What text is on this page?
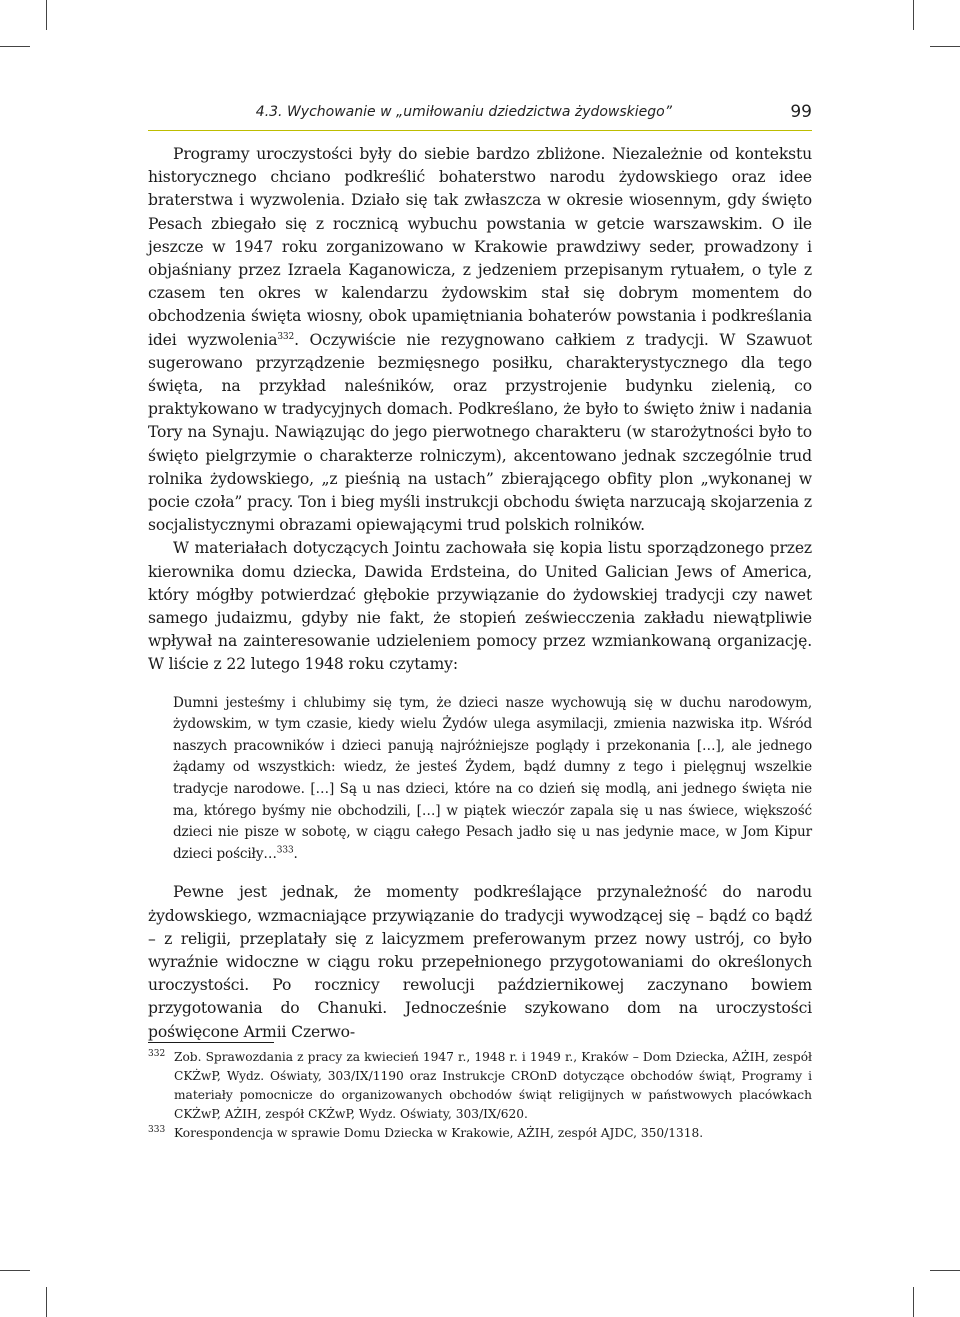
4.3. Wychowanie w „umiłowaniu dziedzictwa żydowskiego”	99

Programy uroczystości były do siebie bardzo zbliżone. Niezależnie od kontekstu historycznego chciano podkreślić bohaterstwo narodu żydowskiego oraz idee braterstwa i wyzwolenia. Działo się tak zwłaszcza w okresie wiosennym, gdy święto Pesach zbiegało się z rocznicą wybuchu powstania w getcie warszawskim. O ile jeszcze w 1947 roku zorganizowano w Krakowie prawdziwy seder, prowadzony i objaśniany przez Izraela Kaganowicza, z jedzeniem przepisanym rytuałem, o tyle z czasem ten okres w kalendarzu żydowskim stał się dobrym momentem do obchodzenia święta wiosny, obok upamiętniania bohaterów powstania i podkreślania idei wyzwolenia$^{332}$. Oczywiście nie rezygnowano całkiem z tradycji. W Szawuot sugerowano przyrządzenie bezmięsnego posiłku, charakterystycznego dla tego święta, na przykład naleśników, oraz przystrojenie budynku zielenią, co praktykowano w tradycyjnych domach. Podkreślano, że było to święto żniw i nadania Tory na Synaju. Nawiązując do jego pierwotnego charakteru (w starożytności było to święto pielgrzymie o charakterze rolniczym), akcentowano jednak szczególnie trud rolnika żydowskiego, „z pieśnią na ustach” zbierającego obfity plon „wykonanej w pocie czoła” pracy. Ton i bieg myśli instrukcji obchodu święta narzucają skojarzenia z socjalistycznymi obrazami opiewającymi trud polskich rolników.

W materiałach dotyczących Jointu zachowała się kopia listu sporządzonego przez kierownika domu dziecka, Dawida Erdsteina, do United Galician Jews of America, który mógłby potwierdzać głębokie przywiązanie do żydowskiej tradycji czy nawet samego judaizmu, gdyby nie fakt, że stopień zeświecczenia zakładu niewątpliwie wpływał na zainteresowanie udzieleniem pomocy przez wzmiankowaną organizację. W liście z 22 lutego 1948 roku czytamy:

Dumni jesteśmy i chlubimy się tym, że dzieci nasze wychowują się w duchu narodowym, żydowskim, w tym czasie, kiedy wielu Żydów ulega asymilacji, zmienia nazwiska itp. Wśród naszych pracowników i dzieci panują najróżniejsze poglądy i przekonania […], ale jednego żądamy od wszystkich: wiedz, że jesteś Żydem, bądź dumny z tego i pielęgnuj wszelkie tradycje narodowe. […] Są u nas dzieci, które na co dzień się modlą, ani jednego święta nie ma, którego byśmy nie obchodzili, […] w piątek wieczór zapala się u nas świece, większość dzieci nie pisze w sobotę, w ciągu całego Pesach jadło się u nas jedynie mace, w Jom Kipur dzieci pościły…$^{333}$.

Pewne jest jednak, że momenty podkreślające przynależność do narodu żydowskiego, wzmacniające przywiązanie do tradycji wywodzącej się – bądź co bądź – z religii, przeplatały się z laicyzmem preferowanym przez nowy ustrój, co było wyraźnie widoczne w ciągu roku przepełnionego przygotowaniami do określonych uroczystości. Po rocznicy rewolucji październikowej zaczynano bowiem przygotowania do Chanuki. Jednocześnie szykowano dom na uroczystości poświęcone Armii Czerwo-

332 Zob. Sprawozdania z pracy za kwiecień 1947 r., 1948 r. i 1949 r., Kraków – Dom Dziecka, AŻIH, zespół CKŻwP, Wydz. Oświaty, 303/IX/1190 oraz Instrukcje CROnD dotyczące obchodów świąt, Programy i materiały pomocnicze do organizowanych obchodów świąt religijnych w państwowych placówkach CKŻwP, AŻIH, zespół CKŻwP, Wydz. Oświaty, 303/IX/620.
333 Korespondencja w sprawie Domu Dziecka w Krakowie, AŻIH, zespół AJDC, 350/1318.
